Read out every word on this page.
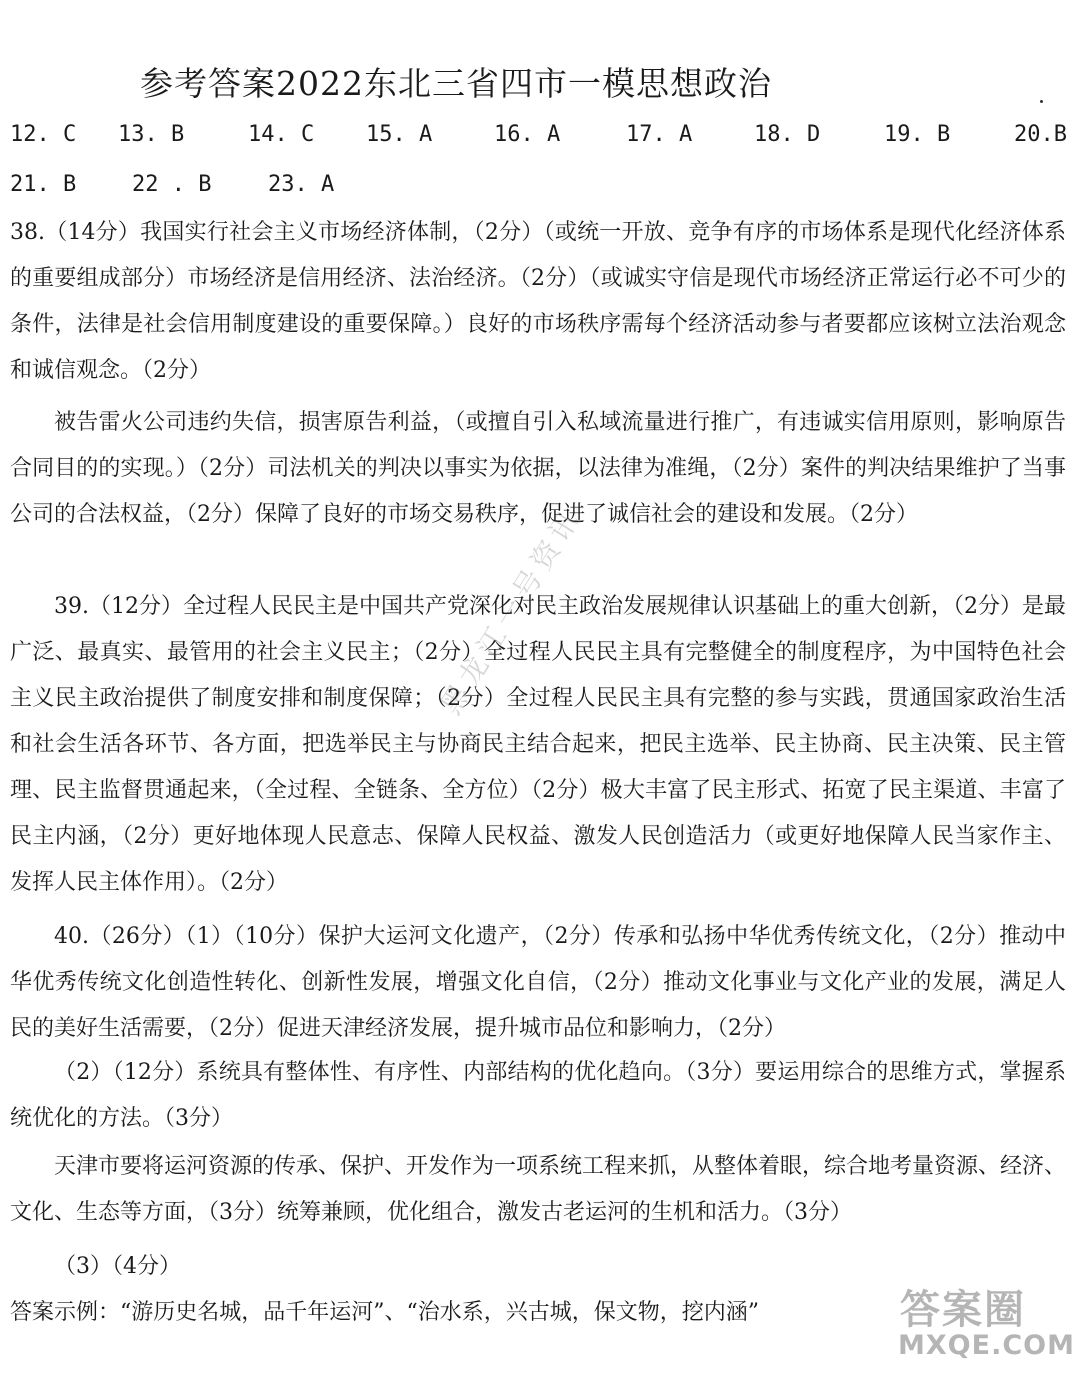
参考答案2022东北三省四市一模思想政治
12. C 13. B	14. C 15. A	16. A	17. A	18. D	19. B	20.B
21. B	22 . B	23. A

38.（14分）我国实行社会主义市场经济体制，（2分）（或统一开放、竞争有序的市场体系是现代化经济体系的重要组成部分）市场经济是信用经济、法治经济。（2分）（或诚实守信是现代市场经济正常运行必不可少的条件，法律是社会信用制度建设的重要保障。）良好的市场秩序需每个经济活动参与者要都应该树立法治观念和诚信观念。（2分）

被告雷火公司违约失信，损害原告利益，（或擅自引入私域流量进行推广，有违诚实信用原则，影响原告合同目的的实现。）（2分）司法机关的判决以事实为依据，以法律为准绳，（2分）案件的判决结果维护了当事公司的合法权益，（2分）保障了良好的市场交易秩序，促进了诚信社会的建设和发展。（2分）

39.（12分）全过程人民民主是中国共产党深化对民主政治发展规律认识基础上的重大创新，（2分）是最广泛、最真实、最管用的社会主义民主；（2分）全过程人民民主具有完整健全的制度程序，为中国特色社会主义民主政治提供了制度安排和制度保障；（2分）全过程人民民主具有完整的参与实践，贯通国家政治生活和社会生活各环节、各方面，把选举民主与协商民主结合起来，把民主选举、民主协商、民主决策、民主管理、民主监督贯通起来，（全过程、全链条、全方位）（2分）极大丰富了民主形式、拓宽了民主渠道、丰富了民主内涵，（2分）更好地体现人民意志、保障人民权益、激发人民创造活力（或更好地保障人民当家作主、发挥人民主体作用）。（2分）

40.（26分）（1）（10分）保护大运河文化遗产，（2分）传承和弘扬中华优秀传统文化，（2分）推动中华优秀传统文化创造性转化、创新性发展，增强文化自信，（2分）推动文化事业与文化产业的发展，满足人民的美好生活需要，（2分）促进天津经济发展，提升城市品位和影响力，（2分）

（2）（12分）系统具有整体性、有序性、内部结构的优化趋向。（3分）要运用综合的思维方式，掌握系统优化的方法。（3分）

天津市要将运河资源的传承、保护、开发作为一项系统工程来抓，从整体着眼，综合地考量资源、经济、文化、生态等方面，（3分）统筹兼顾，优化组合，激发古老运河的生机和活力。（3分）

（3）（4分）

答案示例：“游历史名城，品千年运河”、“治水系，兴古城，保文物，挖内涵”

黑龙江一号资讯
答案圈
MXQE.COM
